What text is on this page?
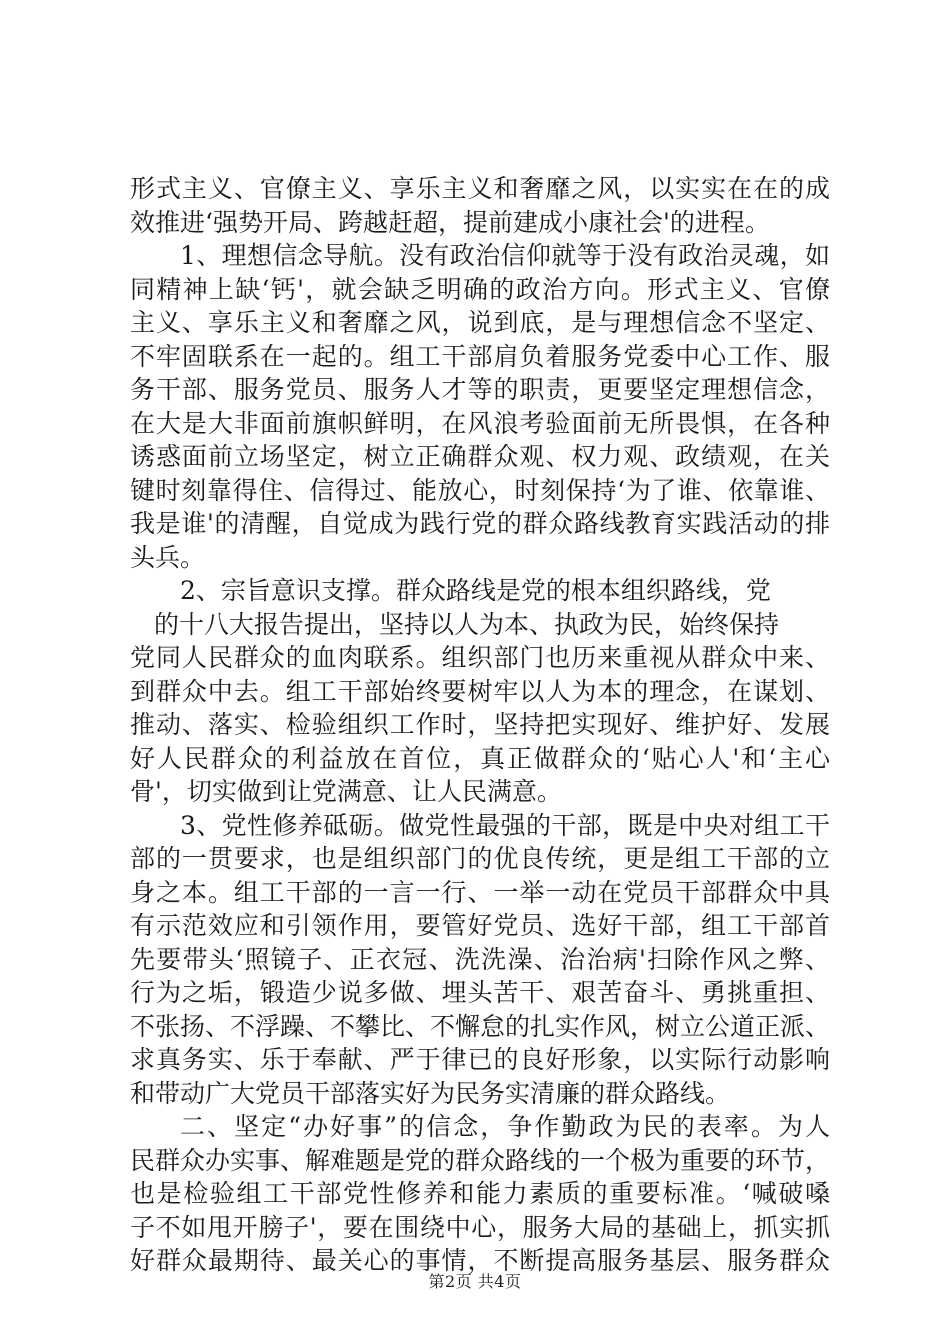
形式主义、官僚主义、享乐主义和奢靡之风，以实实在在的成
效推进‘强势开局、跨越赶超，提前建成小康社会'的进程。
1、理想信念导航。没有政治信仰就等于没有政治灵魂，如
同精神上缺‘钙'，就会缺乏明确的政治方向。形式主义、官僚
主义、享乐主义和奢靡之风，说到底，是与理想信念不坚定、
不牢固联系在一起的。组工干部肩负着服务党委中心工作、服
务干部、服务党员、服务人才等的职责，更要坚定理想信念，
在大是大非面前旗帜鲜明，在风浪考验面前无所畏惧，在各种
诱惑面前立场坚定，树立正确群众观、权力观、政绩观，在关
键时刻靠得住、信得过、能放心，时刻保持‘为了谁、依靠谁、
我是谁'的清醒，自觉成为践行党的群众路线教育实践活动的排
头兵。
2、宗旨意识支撑。群众路线是党的根本组织路线，党
的十八大报告提出，坚持以人为本、执政为民，始终保持
党同人民群众的血肉联系。组织部门也历来重视从群众中来、
到群众中去。组工干部始终要树牢以人为本的理念，在谋划、
推动、落实、检验组织工作时，坚持把实现好、维护好、发展
好人民群众的利益放在首位，真正做群众的‘贴心人'和‘主心
骨'，切实做到让党满意、让人民满意。
3、党性修养砥砺。做党性最强的干部，既是中央对组工干
部的一贯要求，也是组织部门的优良传统，更是组工干部的立
身之本。组工干部的一言一行、一举一动在党员干部群众中具
有示范效应和引领作用，要管好党员、选好干部，组工干部首
先要带头‘照镜子、正衣冠、洗洗澡、治治病'扫除作风之弊、
行为之垢，锻造少说多做、埋头苦干、艰苦奋斗、勇挑重担、
不张扬、不浮躁、不攀比、不懈怠的扎实作风，树立公道正派、
求真务实、乐于奉献、严于律已的良好形象，以实际行动影响
和带动广大党员干部落实好为民务实清廉的群众路线。
二、坚定“办好事”的信念，争作勤政为民的表率。为人
民群众办实事、解难题是党的群众路线的一个极为重要的环节，
也是检验组工干部党性修养和能力素质的重要标准。‘喊破嗓
子不如甩开膀子'，要在围绕中心，服务大局的基础上，抓实抓
好群众最期待、最关心的事情，不断提高服务基层、服务群众
第2页 共4页
